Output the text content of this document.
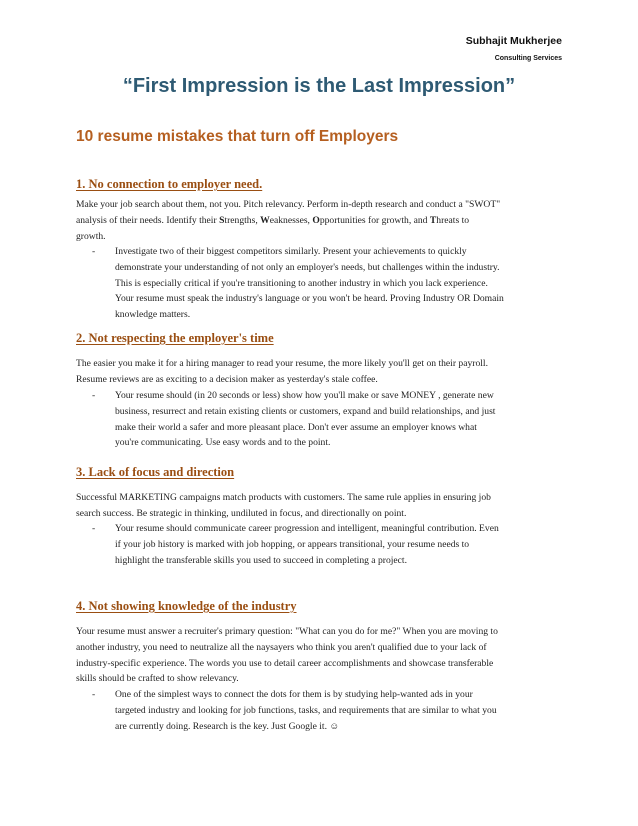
Subhajit Mukherjee
Consulting Services
“First Impression is the Last Impression”
10 resume mistakes that turn off Employers
1. No connection to employer need.
Make your job search about them, not you. Pitch relevancy. Perform in-depth research and conduct a "SWOT"
analysis of their needs. Identify their Strengths, Weaknesses, Opportunities for growth, and Threats to
growth.
- Investigate two of their biggest competitors similarly. Present your achievements to quickly
demonstrate your understanding of not only an employer's needs, but challenges within the industry.
This is especially critical if you're transitioning to another industry in which you lack experience.
Your resume must speak the industry's language or you won't be heard. Proving Industry OR Domain
knowledge matters.
2. Not respecting the employer's time
The easier you make it for a hiring manager to read your resume, the more likely you'll get on their payroll.
Resume reviews are as exciting to a decision maker as yesterday's stale coffee.
- Your resume should (in 20 seconds or less) show how you'll make or save MONEY , generate new
business, resurrect and retain existing clients or customers, expand and build relationships, and just
make their world a safer and more pleasant place. Don't ever assume an employer knows what
you're communicating. Use easy words and to the point.
3. Lack of focus and direction
Successful MARKETING campaigns match products with customers. The same rule applies in ensuring job
search success. Be strategic in thinking, undiluted in focus, and directionally on point.
- Your resume should communicate career progression and intelligent, meaningful contribution. Even
if your job history is marked with job hopping, or appears transitional, your resume needs to
highlight the transferable skills you used to succeed in completing a project.
4. Not showing knowledge of the industry
Your resume must answer a recruiter's primary question: "What can you do for me?" When you are moving to
another industry, you need to neutralize all the naysayers who think you aren't qualified due to your lack of
industry-specific experience. The words you use to detail career accomplishments and showcase transferable
skills should be crafted to show relevancy.
- One of the simplest ways to connect the dots for them is by studying help-wanted ads in your
targeted industry and looking for job functions, tasks, and requirements that are similar to what you
are currently doing. Research is the key. Just Google it. ☺
